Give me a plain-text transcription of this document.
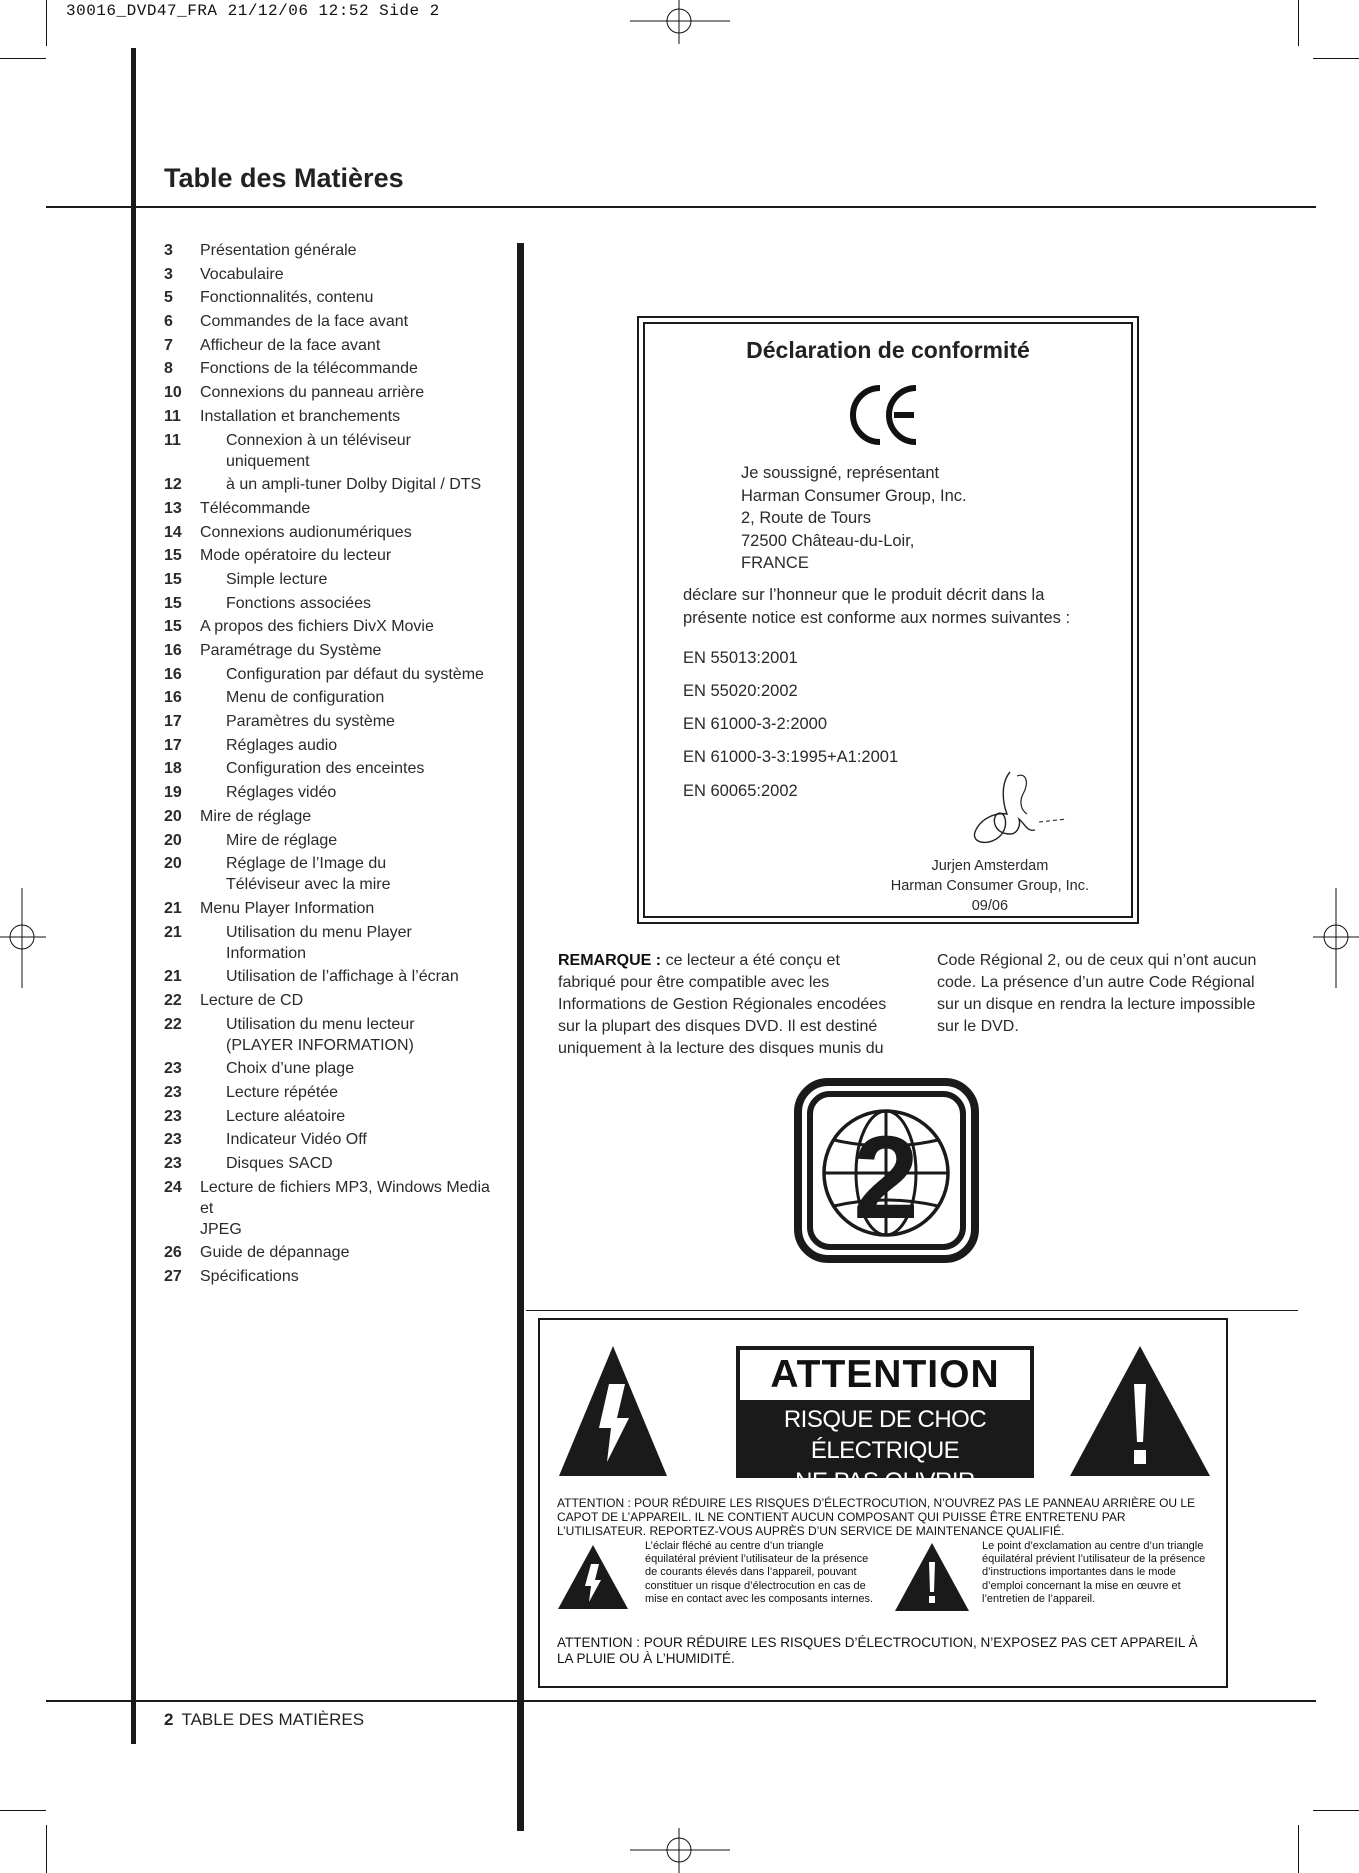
30016_DVD47_FRA 21/12/06 12:52 Side 2
Table des Matières
3	Présentation générale
3	Vocabulaire
5	Fonctionnalités, contenu
6	Commandes de la face avant
7	Afficheur de la face avant
8	Fonctions de la télécommande
10	Connexions du panneau arrière
11	Installation et branchements
11	Connexion à un téléviseur uniquement
12	à un ampli-tuner Dolby Digital / DTS
13	Télécommande
14	Connexions audionumériques
15	Mode opératoire du lecteur
15	Simple lecture
15	Fonctions associées
15	A propos des fichiers DivX Movie
16	Paramétrage du Système
16	Configuration par défaut du système
16	Menu de configuration
17	Paramètres du système
17	Réglages audio
18	Configuration des enceintes
19	Réglages vidéo
20	Mire de réglage
20	Mire de réglage
20	Réglage de l’Image du
Téléviseur avec la mire
21	Menu Player Information
21	Utilisation du menu Player Information
21	Utilisation de l’affichage à l’écran
22	Lecture de CD
22	Utilisation du menu lecteur
(PLAYER INFORMATION)
23	Choix d’une plage
23	Lecture répétée
23	Lecture aléatoire
23	Indicateur Vidéo Off
23	Disques SACD
24	Lecture de fichiers MP3, Windows Media et
JPEG
26	Guide de dépannage
27	Spécifications
Déclaration de conformité
Je soussigné, représentant
Harman Consumer Group, Inc.
2, Route de Tours
72500 Château-du-Loir,
FRANCE
déclare sur l’honneur que le produit décrit dans la présente notice est conforme aux normes suivantes :
EN 55013:2001
EN 55020:2002
EN 61000-3-2:2000
EN 61000-3-3:1995+A1:2001
EN 60065:2002
Jurjen Amsterdam
Harman Consumer Group, Inc.
09/06
REMARQUE : ce lecteur a été conçu et fabriqué pour être compatible avec les Informations de Gestion Régionales encodées sur la plupart des disques DVD. Il est destiné uniquement à la lecture des disques munis du Code Régional 2, ou de ceux qui n’ont aucun code. La présence d’un autre Code Régional sur un disque en rendra la lecture impossible sur le DVD.
2
ATTENTION
RISQUE DE CHOC ÉLECTRIQUE
NE PAS OUVRIR
ATTENTION : POUR RÉDUIRE LES RISQUES D’ÉLECTROCUTION, N’OUVREZ PAS LE PANNEAU ARRIÈRE OU LE CAPOT DE L’APPAREIL. IL NE CONTIENT AUCUN COMPOSANT QUI PUISSE ÊTRE ENTRETENU PAR L’UTILISATEUR. REPORTEZ-VOUS AUPRÈS D’UN SERVICE DE MAINTENANCE QUALIFIÉ.
L’éclair fléché au centre d’un triangle équilatéral prévient l’utilisateur de la présence de courants élevés dans l’appareil, pouvant constituer un risque d’électrocution en cas de mise en contact avec les composants internes.
Le point d’exclamation au centre d’un triangle équilatéral prévient l’utilisateur de la présence d’instructions importantes dans le mode d’emploi concernant la mise en œuvre et l’entretien de l’appareil.
ATTENTION : POUR RÉDUIRE LES RISQUES D’ÉLECTROCUTION, N’EXPOSEZ PAS CET APPAREIL À LA PLUIE OU À L’HUMIDITÉ.
2 TABLE DES MATIÈRES
